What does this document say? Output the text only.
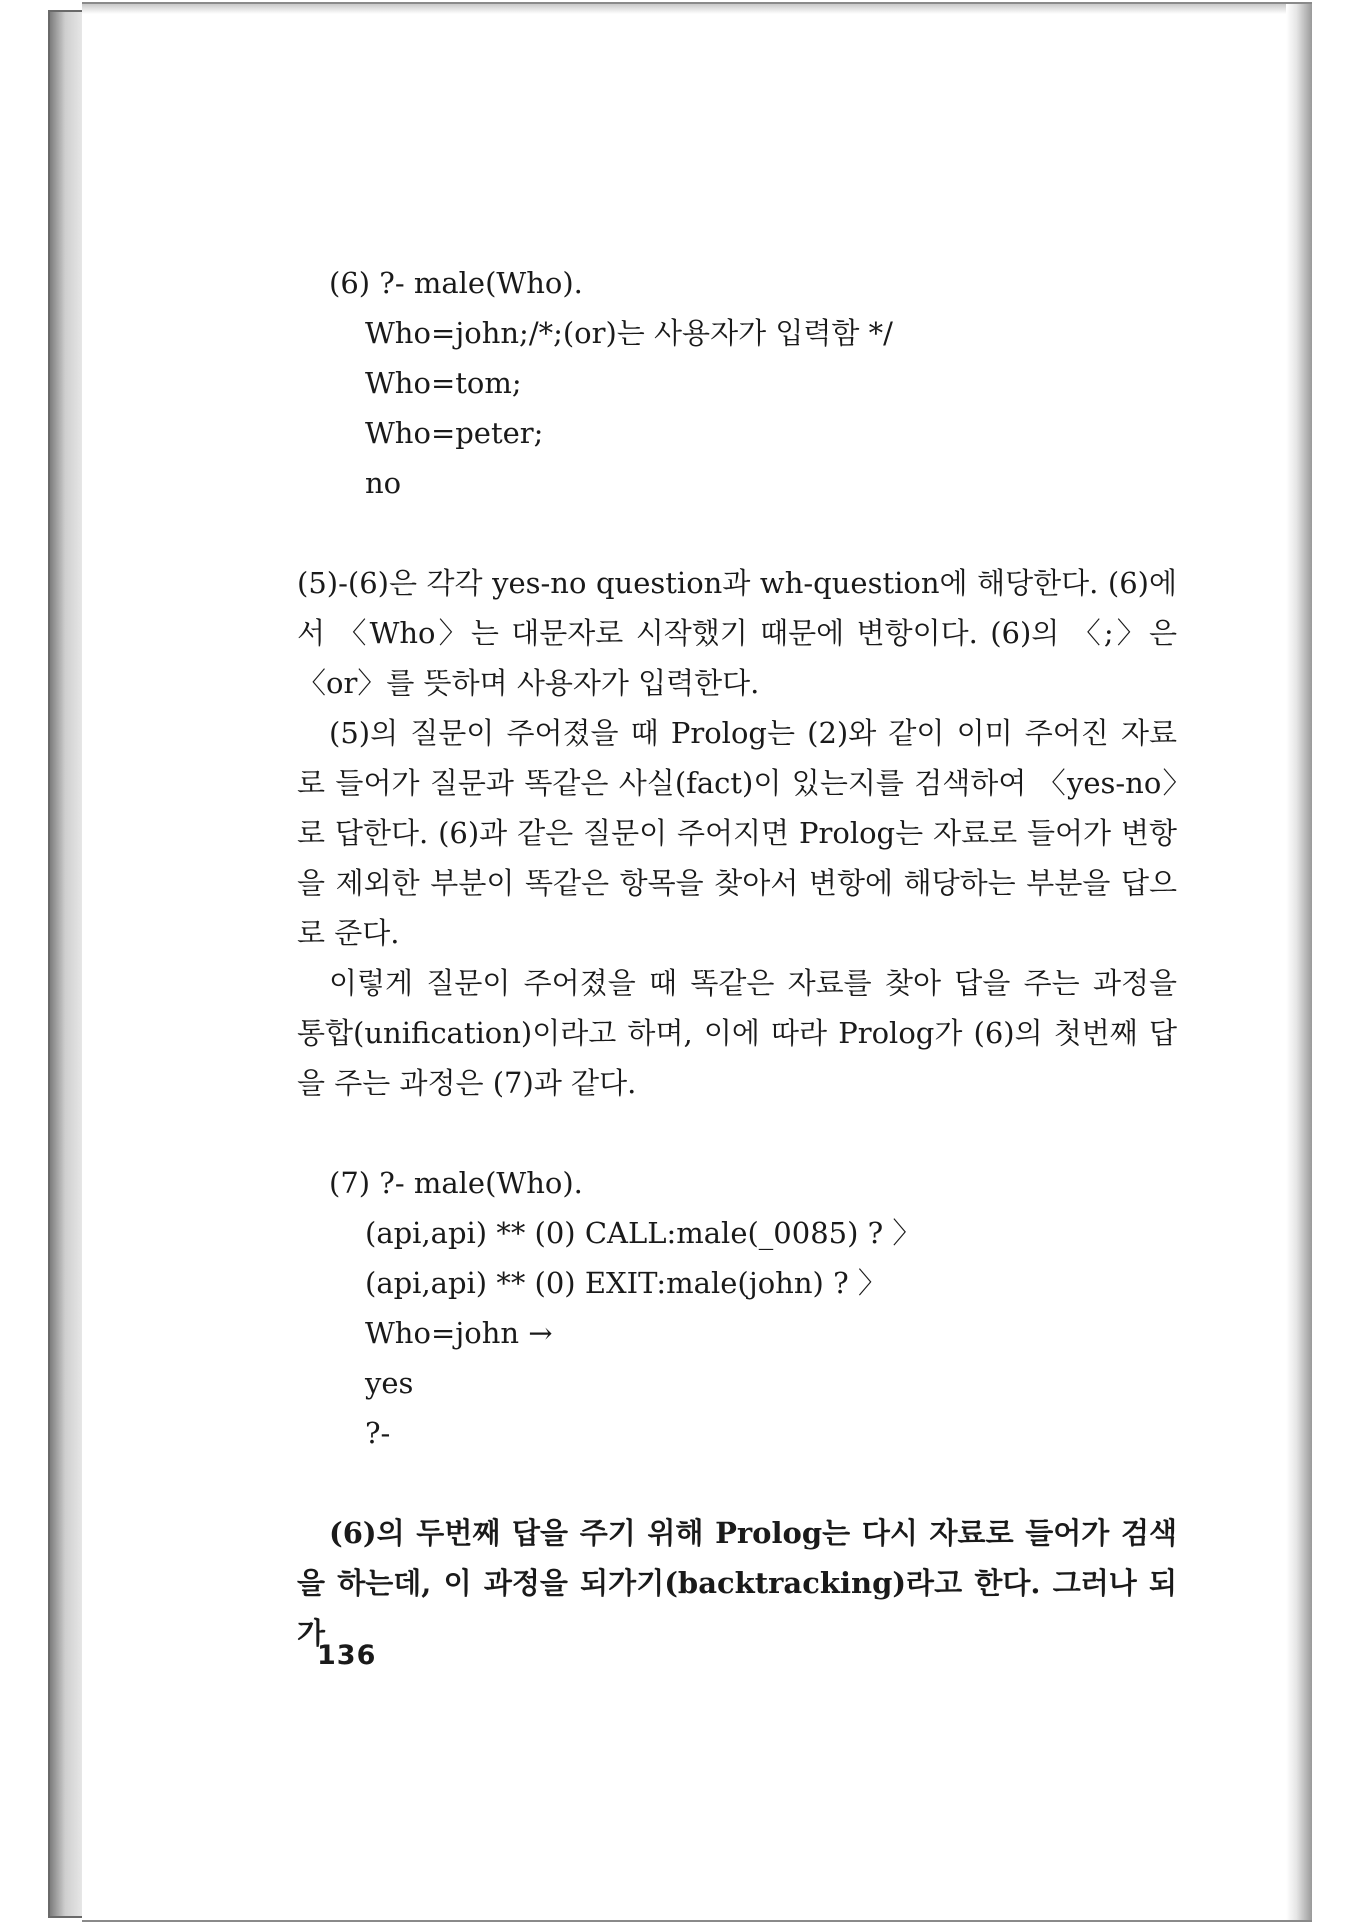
(6) ?- male(Who).
Who=john;/*;(or)는 사용자가 입력함 */
Who=tom;
Who=peter;
no

(5)-(6)은 각각 yes-no question과 wh-question에 해당한다. (6)에서 〈Who〉는 대문자로 시작했기 때문에 변항이다. (6)의 〈;〉은 〈or〉를 뜻하며 사용자가 입력한다.

(5)의 질문이 주어졌을 때 Prolog는 (2)와 같이 이미 주어진 자료로 들어가 질문과 똑같은 사실(fact)이 있는지를 검색하여 〈yes-no〉로 답한다. (6)과 같은 질문이 주어지면 Prolog는 자료로 들어가 변항을 제외한 부분이 똑같은 항목을 찾아서 변항에 해당하는 부분을 답으로 준다.

이렇게 질문이 주어졌을 때 똑같은 자료를 찾아 답을 주는 과정을 통합(unification)이라고 하며, 이에 따라 Prolog가 (6)의 첫번째 답을 주는 과정은 (7)과 같다.

(7) ?- male(Who).
(api,api) ** (0) CALL:male(_0085) ? 〉
(api,api) ** (0) EXIT:male(john) ? 〉
Who=john →
yes
?-

(6)의 두번째 답을 주기 위해 Prolog는 다시 자료로 들어가 검색을 하는데, 이 과정을 되가기(backtracking)라고 한다. 그러나 되가

136
